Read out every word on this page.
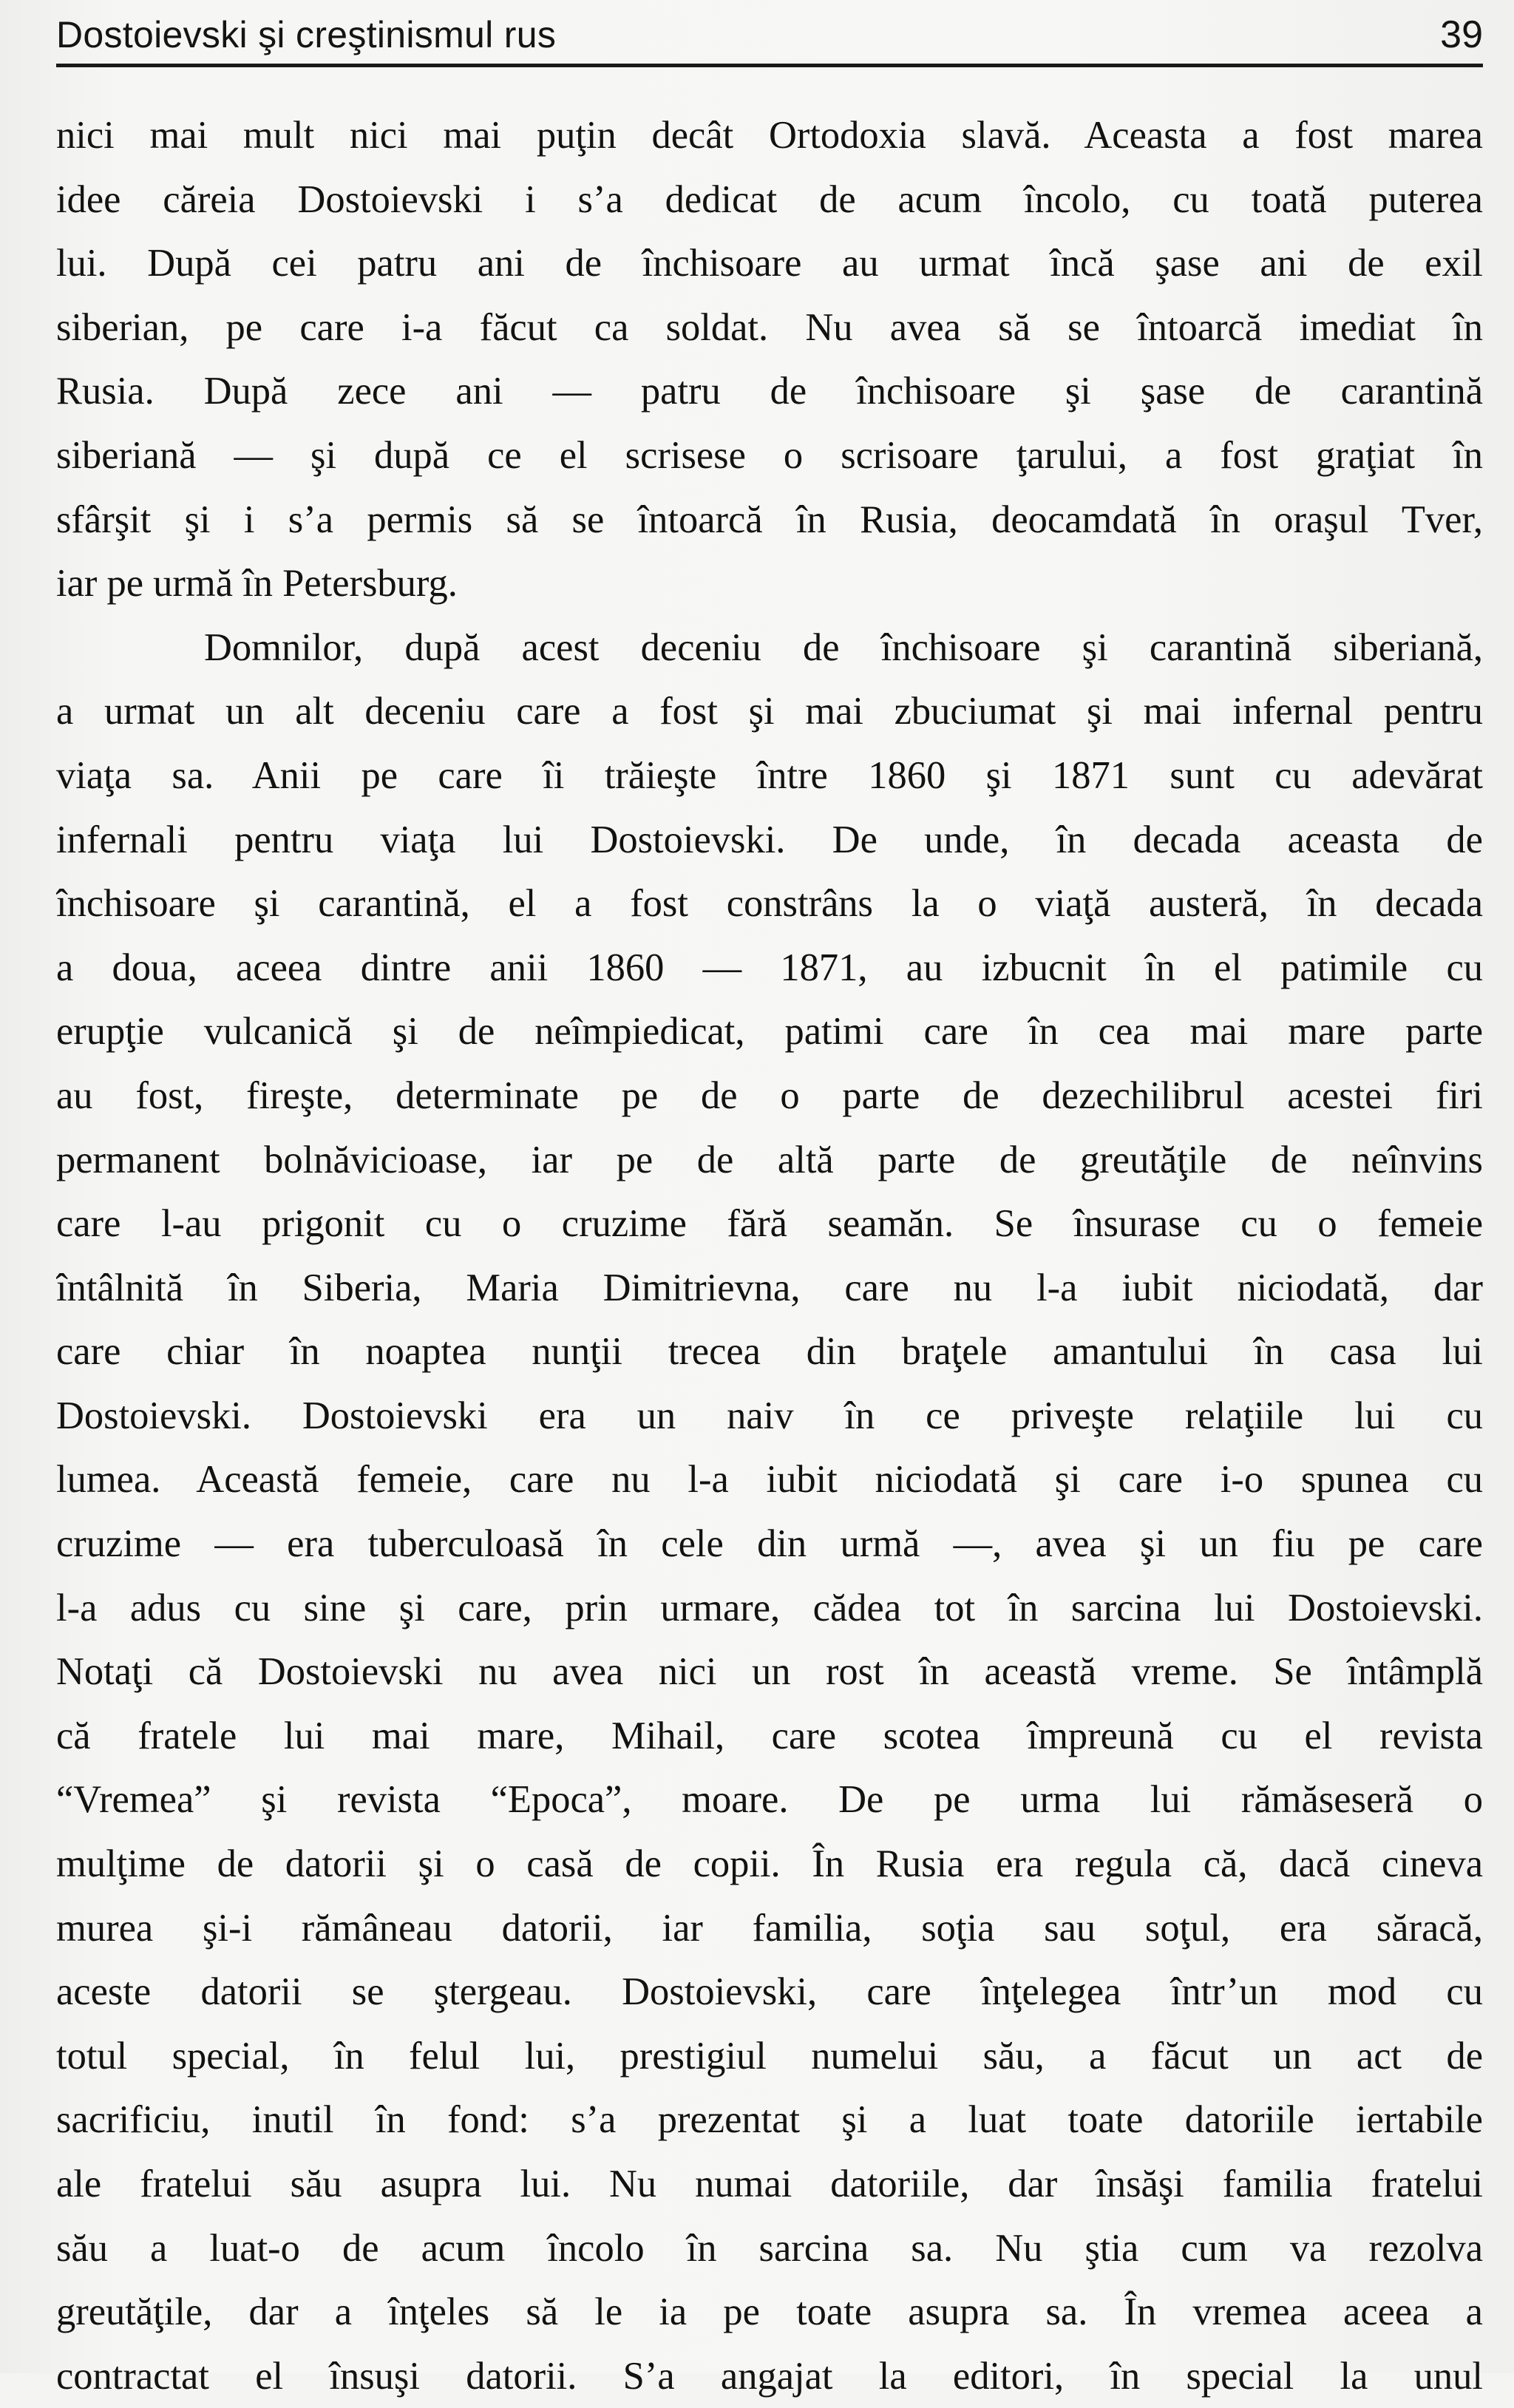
Dostoievski şi creştinismul rus	39
nici mai mult nici mai puţin decât Ortodoxia slavă. Aceasta a fost marea
idee căreia Dostoievski i s’a dedicat de acum încolo, cu toată puterea
lui. După cei patru ani de închisoare au urmat încă şase ani de exil
siberian, pe care i-a făcut ca soldat. Nu avea să se întoarcă imediat în
Rusia. După zece ani — patru de închisoare şi şase de carantină
siberiană — şi după ce el scrisese o scrisoare ţarului, a fost graţiat în
sfârşit şi i s’a permis să se întoarcă în Rusia, deocamdată în oraşul Tver,
iar pe urmă în Petersburg.
Domnilor, după acest deceniu de închisoare şi carantină siberiană,
a urmat un alt deceniu care a fost şi mai zbuciumat şi mai infernal pentru
viaţa sa. Anii pe care îi trăieşte între 1860 şi 1871 sunt cu adevărat
infernali pentru viaţa lui Dostoievski. De unde, în decada aceasta de
închisoare şi carantină, el a fost constrâns la o viaţă austeră, în decada
a doua, aceea dintre anii 1860 — 1871, au izbucnit în el patimile cu
erupţie vulcanică şi de neîmpiedicat, patimi care în cea mai mare parte
au fost, fireşte, determinate pe de o parte de dezechilibrul acestei firi
permanent bolnăvicioase, iar pe de altă parte de greutăţile de neînvins
care l-au prigonit cu o cruzime fără seamăn. Se însurase cu o femeie
întâlnită în Siberia, Maria Dimitrievna, care nu l-a iubit niciodată, dar
care chiar în noaptea nunţii trecea din braţele amantului în casa lui
Dostoievski. Dostoievski era un naiv în ce priveşte relaţiile lui cu
lumea. Această femeie, care nu l-a iubit niciodată şi care i-o spunea cu
cruzime — era tuberculoasă în cele din urmă —, avea şi un fiu pe care
l-a adus cu sine şi care, prin urmare, cădea tot în sarcina lui Dostoievski.
Notaţi că Dostoievski nu avea nici un rost în această vreme. Se întâmplă
că fratele lui mai mare, Mihail, care scotea împreună cu el revista
“Vremea” şi revista “Epoca”, moare. De pe urma lui rămăseseră o
mulţime de datorii şi o casă de copii. În Rusia era regula că, dacă cineva
murea şi-i rămâneau datorii, iar familia, soţia sau soţul, era săracă,
aceste datorii se ştergeau. Dostoievski, care înţelegea într’un mod cu
totul special, în felul lui, prestigiul numelui său, a făcut un act de
sacrificiu, inutil în fond: s’a prezentat şi a luat toate datoriile iertabile
ale fratelui său asupra lui. Nu numai datoriile, dar însăşi familia fratelui
său a luat-o de acum încolo în sarcina sa. Nu ştia cum va rezolva
greutăţile, dar a înţeles să le ia pe toate asupra sa. În vremea aceea a
contractat el însuşi datorii. S’a angajat la editori, în special la unul
